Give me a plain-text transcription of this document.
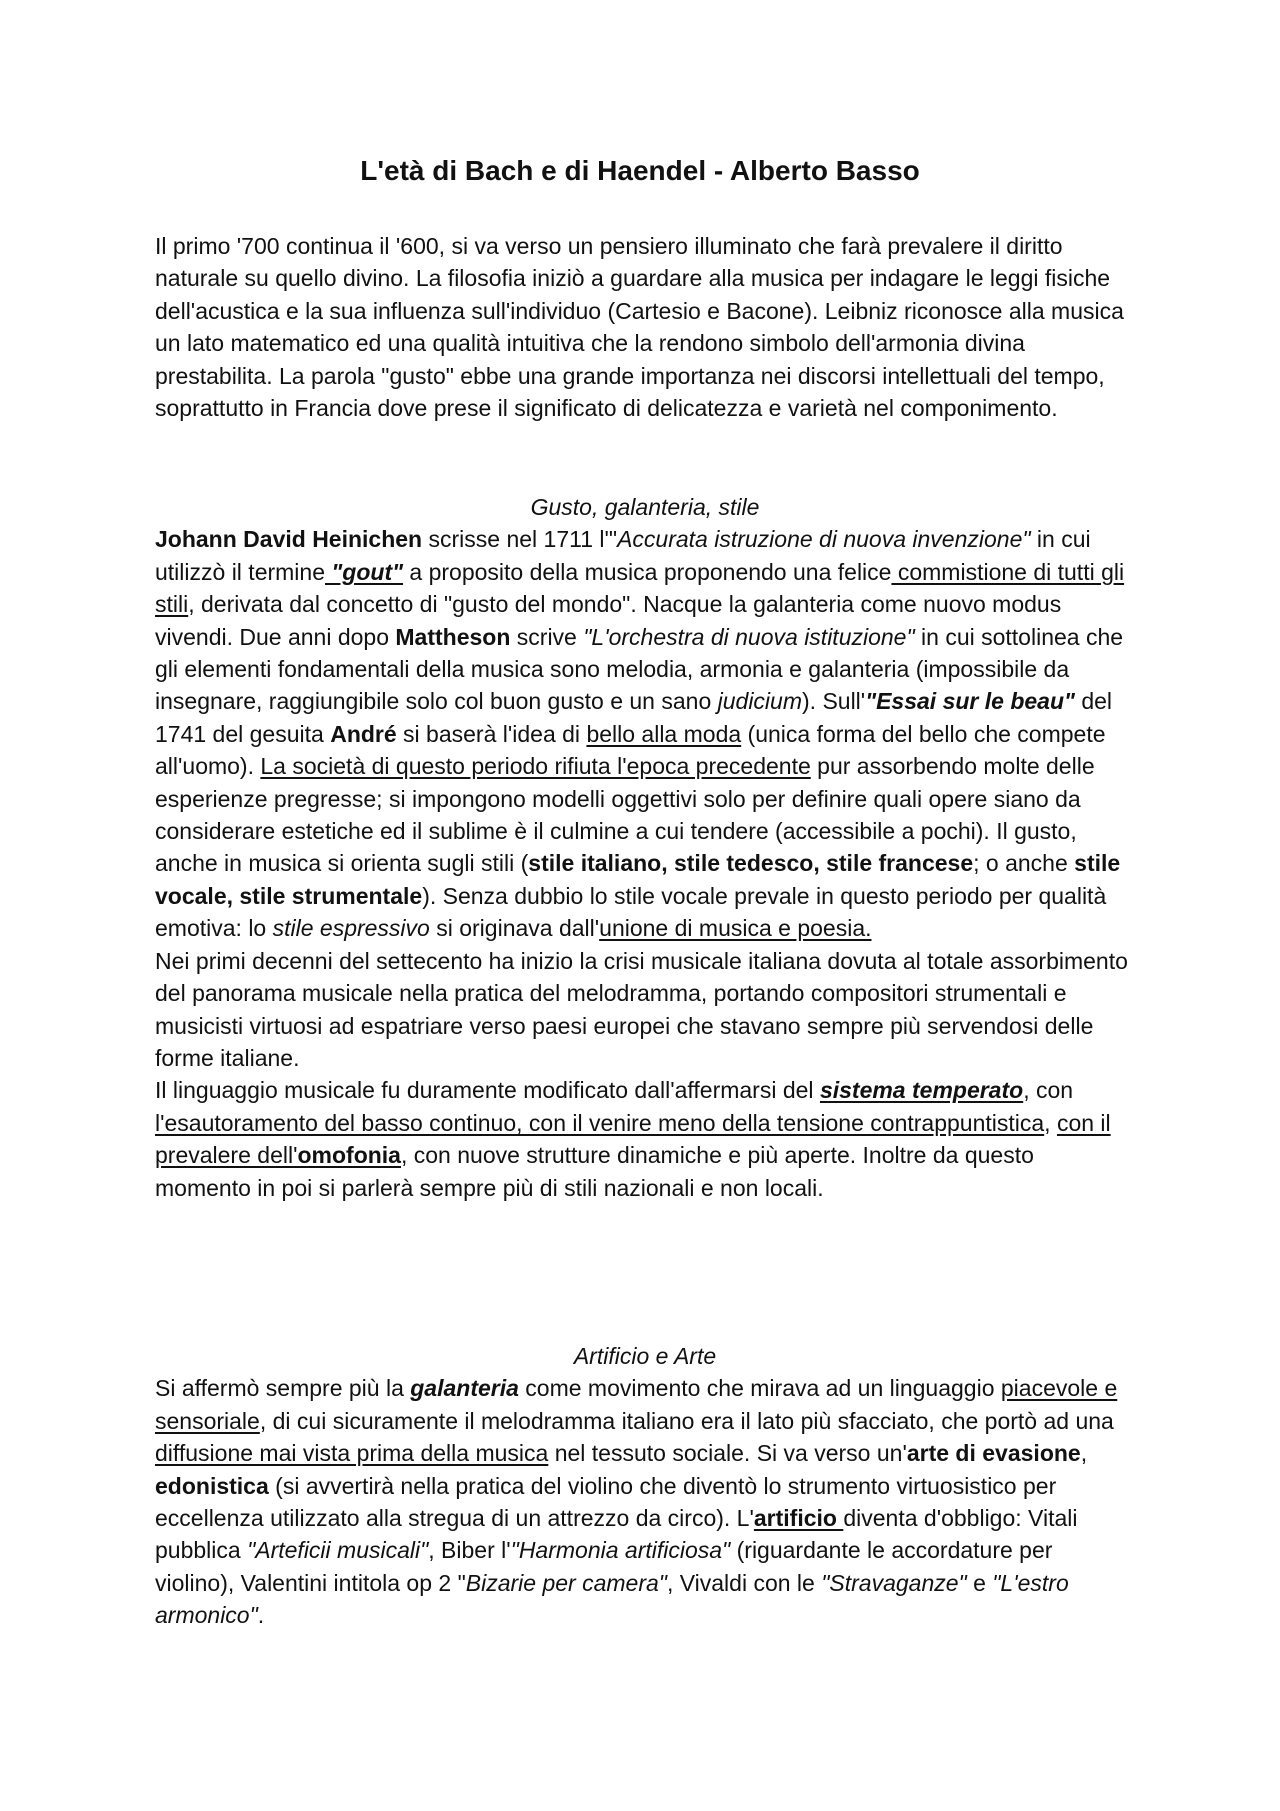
L'età di Bach e di Haendel - Alberto Basso

Il primo '700 continua il '600, si va verso un pensiero illuminato che farà prevalere il diritto naturale su quello divino. La filosofia iniziò a guardare alla musica per indagare le leggi fisiche dell'acustica e la sua influenza sull'individuo (Cartesio e Bacone). Leibniz riconosce alla musica un lato matematico ed una qualità intuitiva che la rendono simbolo dell'armonia divina prestabilita. La parola "gusto" ebbe una grande importanza nei discorsi intellettuali del tempo, soprattutto in Francia dove prese il significato di delicatezza e varietà nel componimento.

Gusto, galanteria, stile
Johann David Heinichen scrisse nel 1711 l'"Accurata istruzione di nuova invenzione" in cui utilizzò il termine "gout" a proposito della musica proponendo una felice commistione di tutti gli stili, derivata dal concetto di "gusto del mondo". Nacque la galanteria come nuovo modus vivendi. Due anni dopo Mattheson scrive "L'orchestra di nuova istituzione" in cui sottolinea che gli elementi fondamentali della musica sono melodia, armonia e galanteria (impossibile da insegnare, raggiungibile solo col buon gusto e un sano judicium). Sull'"Essai sur le beau" del 1741 del gesuita André si baserà l'idea di bello alla moda (unica forma del bello che compete all'uomo). La società di questo periodo rifiuta l'epoca precedente pur assorbendo molte delle esperienze pregresse; si impongono modelli oggettivi solo per definire quali opere siano da considerare estetiche ed il sublime è il culmine a cui tendere (accessibile a pochi). Il gusto, anche in musica si orienta sugli stili (stile italiano, stile tedesco, stile francese; o anche stile vocale, stile strumentale). Senza dubbio lo stile vocale prevale in questo periodo per qualità emotiva: lo stile espressivo si originava dall'unione di musica e poesia.
Nei primi decenni del settecento ha inizio la crisi musicale italiana dovuta al totale assorbimento del panorama musicale nella pratica del melodramma, portando compositori strumentali e musicisti virtuosi ad espatriare verso paesi europei che stavano sempre più servendosi delle forme italiane.
Il linguaggio musicale fu duramente modificato dall'affermarsi del sistema temperato, con l'esautoramento del basso continuo, con il venire meno della tensione contrappuntistica, con il prevalere dell'omofonia, con nuove strutture dinamiche e più aperte. Inoltre da questo momento in poi si parlerà sempre più di stili nazionali e non locali.

Artificio e Arte
Si affermò sempre più la galanteria come movimento che mirava ad un linguaggio piacevole e sensoriale, di cui sicuramente il melodramma italiano era il lato più sfacciato, che portò ad una diffusione mai vista prima della musica nel tessuto sociale. Si va verso un'arte di evasione, edonistica (si avvertirà nella pratica del violino che diventò lo strumento virtuosistico per eccellenza utilizzato alla stregua di un attrezzo da circo). L'artificio diventa d'obbligo: Vitali pubblica "Arteficii musicali", Biber l'"Harmonia artificiosa" (riguardante le accordature per violino), Valentini intitola op 2 "Bizarie per camera", Vivaldi con le "Stravaganze" e "L'estro armonico".
